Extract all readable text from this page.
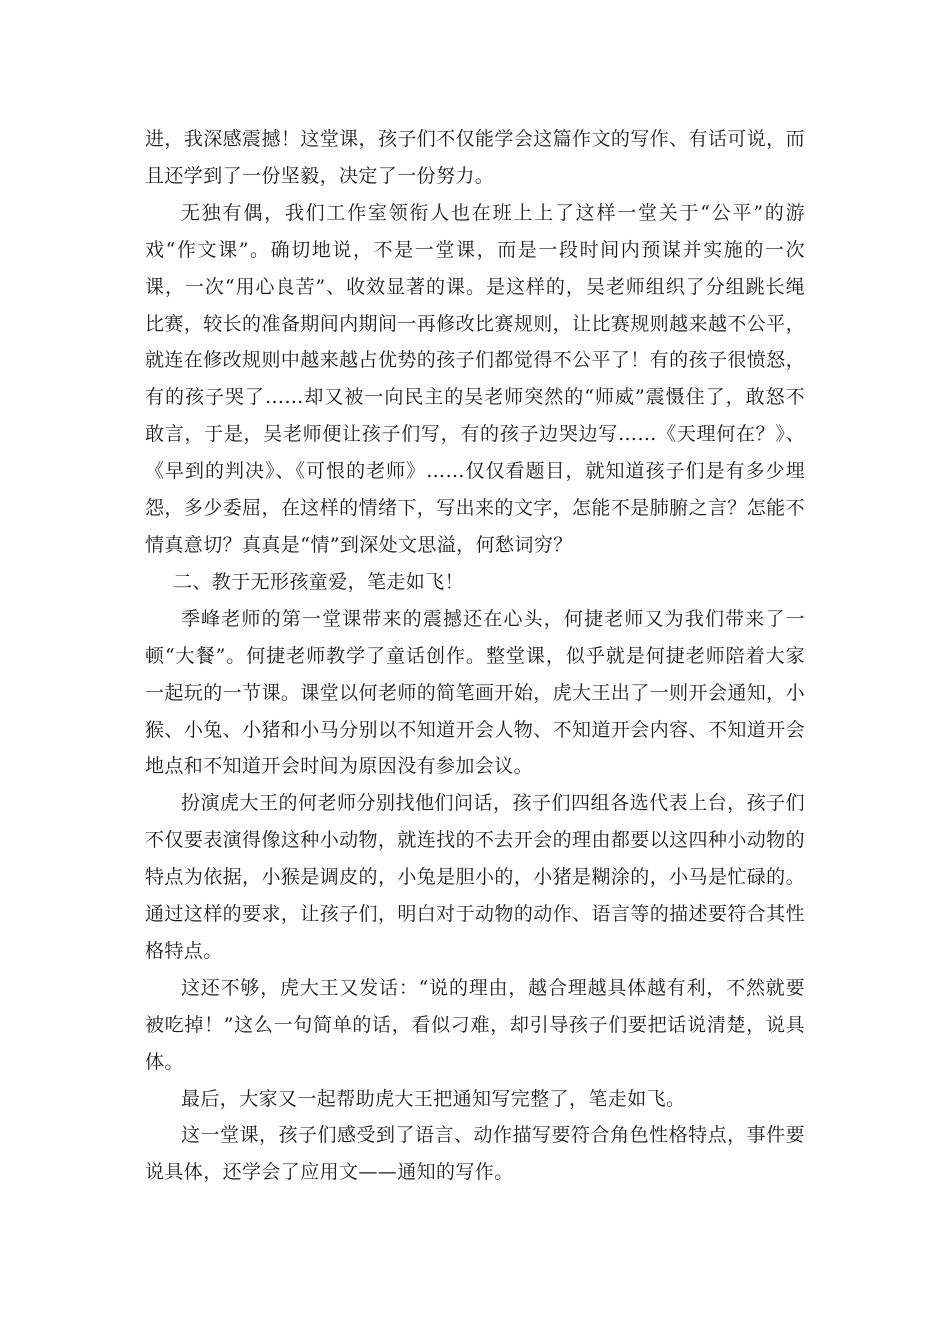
进，我深感震撼！这堂课，孩子们不仅能学会这篇作文的写作、有话可说，而且还学到了一份坚毅，决定了一份努力。

无独有偶，我们工作室领衔人也在班上上了这样一堂关于“公平”的游戏“作文课”。确切地说，不是一堂课，而是一段时间内预谋并实施的一次课，一次“用心良苦”、收效显著的课。是这样的，吴老师组织了分组跳长绳比赛，较长的准备期间内期间一再修改比赛规则，让比赛规则越来越不公平，就连在修改规则中越来越占优势的孩子们都觉得不公平了！有的孩子很愤怒，有的孩子哭了……却又被一向民主的吴老师突然的“师威”震慑住了，敢怒不敢言，于是，吴老师便让孩子们写，有的孩子边哭边写……《天理何在？》、《早到的判决》、《可恨的老师》……仅仅看题目，就知道孩子们是有多少埋怨，多少委屈，在这样的情绪下，写出来的文字，怎能不是肺腑之言？怎能不情真意切？真真是“情”到深处文思溢，何愁词穷？

二、教于无形孩童爱，笔走如飞！

季峰老师的第一堂课带来的震撼还在心头，何捷老师又为我们带来了一顿“大餐”。何捷老师教学了童话创作。整堂课，似乎就是何捷老师陪着大家一起玩的一节课。课堂以何老师的简笔画开始，虎大王出了一则开会通知，小猴、小兔、小猪和小马分别以不知道开会人物、不知道开会内容、不知道开会地点和不知道开会时间为原因没有参加会议。

扮演虎大王的何老师分别找他们问话，孩子们四组各选代表上台，孩子们不仅要表演得像这种小动物，就连找的不去开会的理由都要以这四种小动物的特点为依据，小猴是调皮的，小兔是胆小的，小猪是糊涂的，小马是忙碌的。通过这样的要求，让孩子们，明白对于动物的动作、语言等的描述要符合其性格特点。

这还不够，虎大王又发话：“说的理由，越合理越具体越有利，不然就要被吃掉！”这么一句简单的话，看似刁难，却引导孩子们要把话说清楚，说具体。

最后，大家又一起帮助虎大王把通知写完整了，笔走如飞。

这一堂课，孩子们感受到了语言、动作描写要符合角色性格特点，事件要说具体，还学会了应用文——通知的写作。
